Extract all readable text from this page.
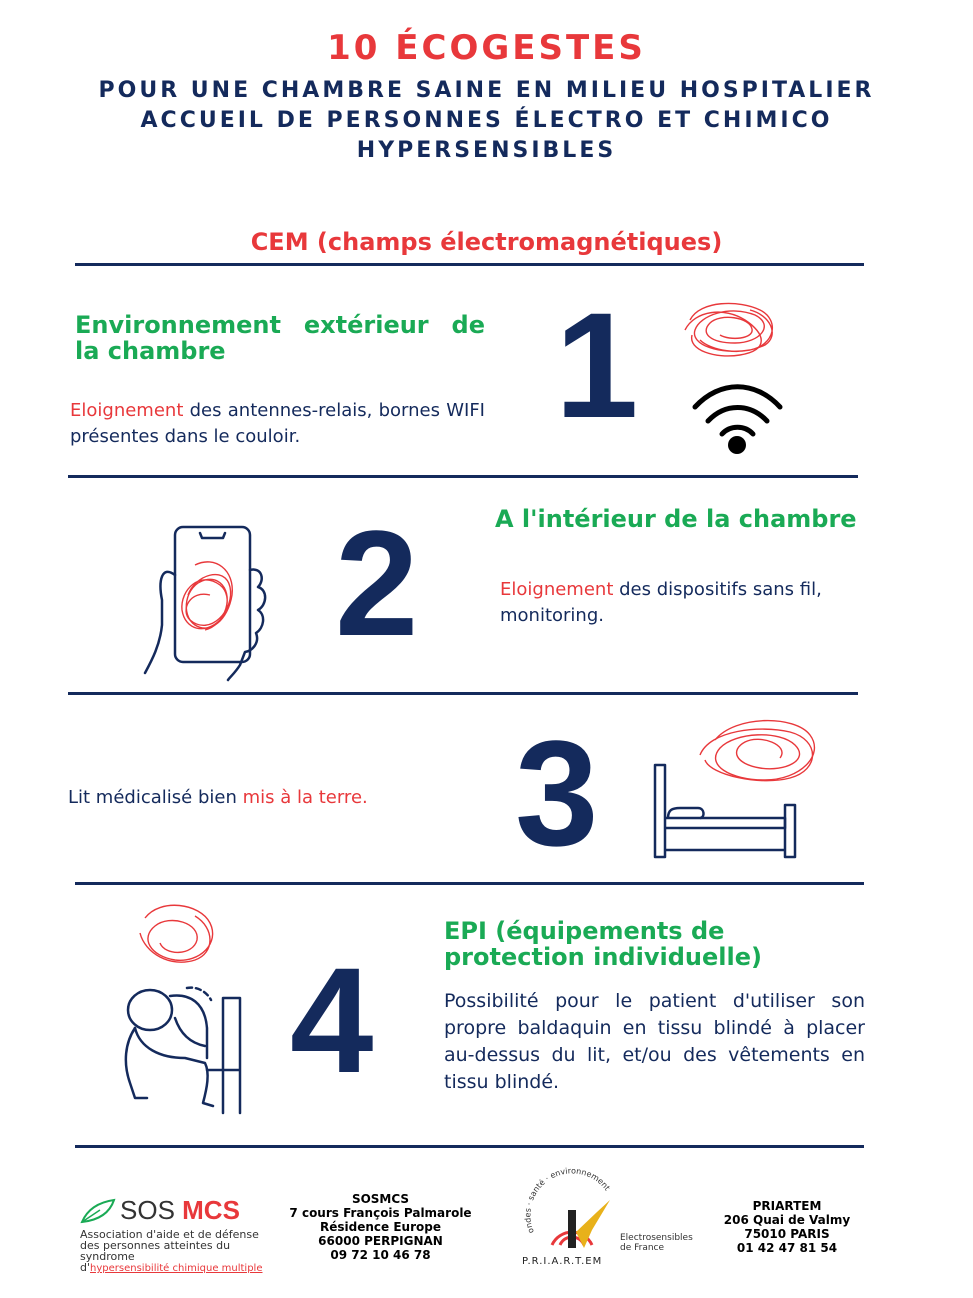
10 ÉCOGESTES
POUR UNE CHAMBRE SAINE EN MILIEU HOSPITALIER
ACCUEIL DE PERSONNES ÉLECTRO ET CHIMICO
HYPERSENSIBLES
CEM (champs électromagnétiques)
Environnement extérieur de la chambre
Eloignement des antennes-relais, bornes WIFI présentes dans le couloir.	1
2	A l'intérieur de la chambre
Eloignement des dispositifs sans fil, monitoring.
Lit médicalisé bien mis à la terre. 3
4
EPI (équipements de protection individuelle)
Possibilité pour le patient d'utiliser son propre baldaquin en tissu blindé à placer au-dessus du lit, et/ou des vêtements en tissu blindé.
SOS MCS
Association d'aide et de défense
des personnes atteintes du syndrome
d'hypersensibilité chimique multiple
SOSMCS
7 cours François Palmarole
Résidence Europe
66000 PERPIGNAN
09 72 10 46 78
ondes · santé · environnement
P.R.I.A.R.T.EM
Electrosensibles
de France
PRIARTEM
206 Quai de Valmy
75010 PARIS
01 42 47 81 54
